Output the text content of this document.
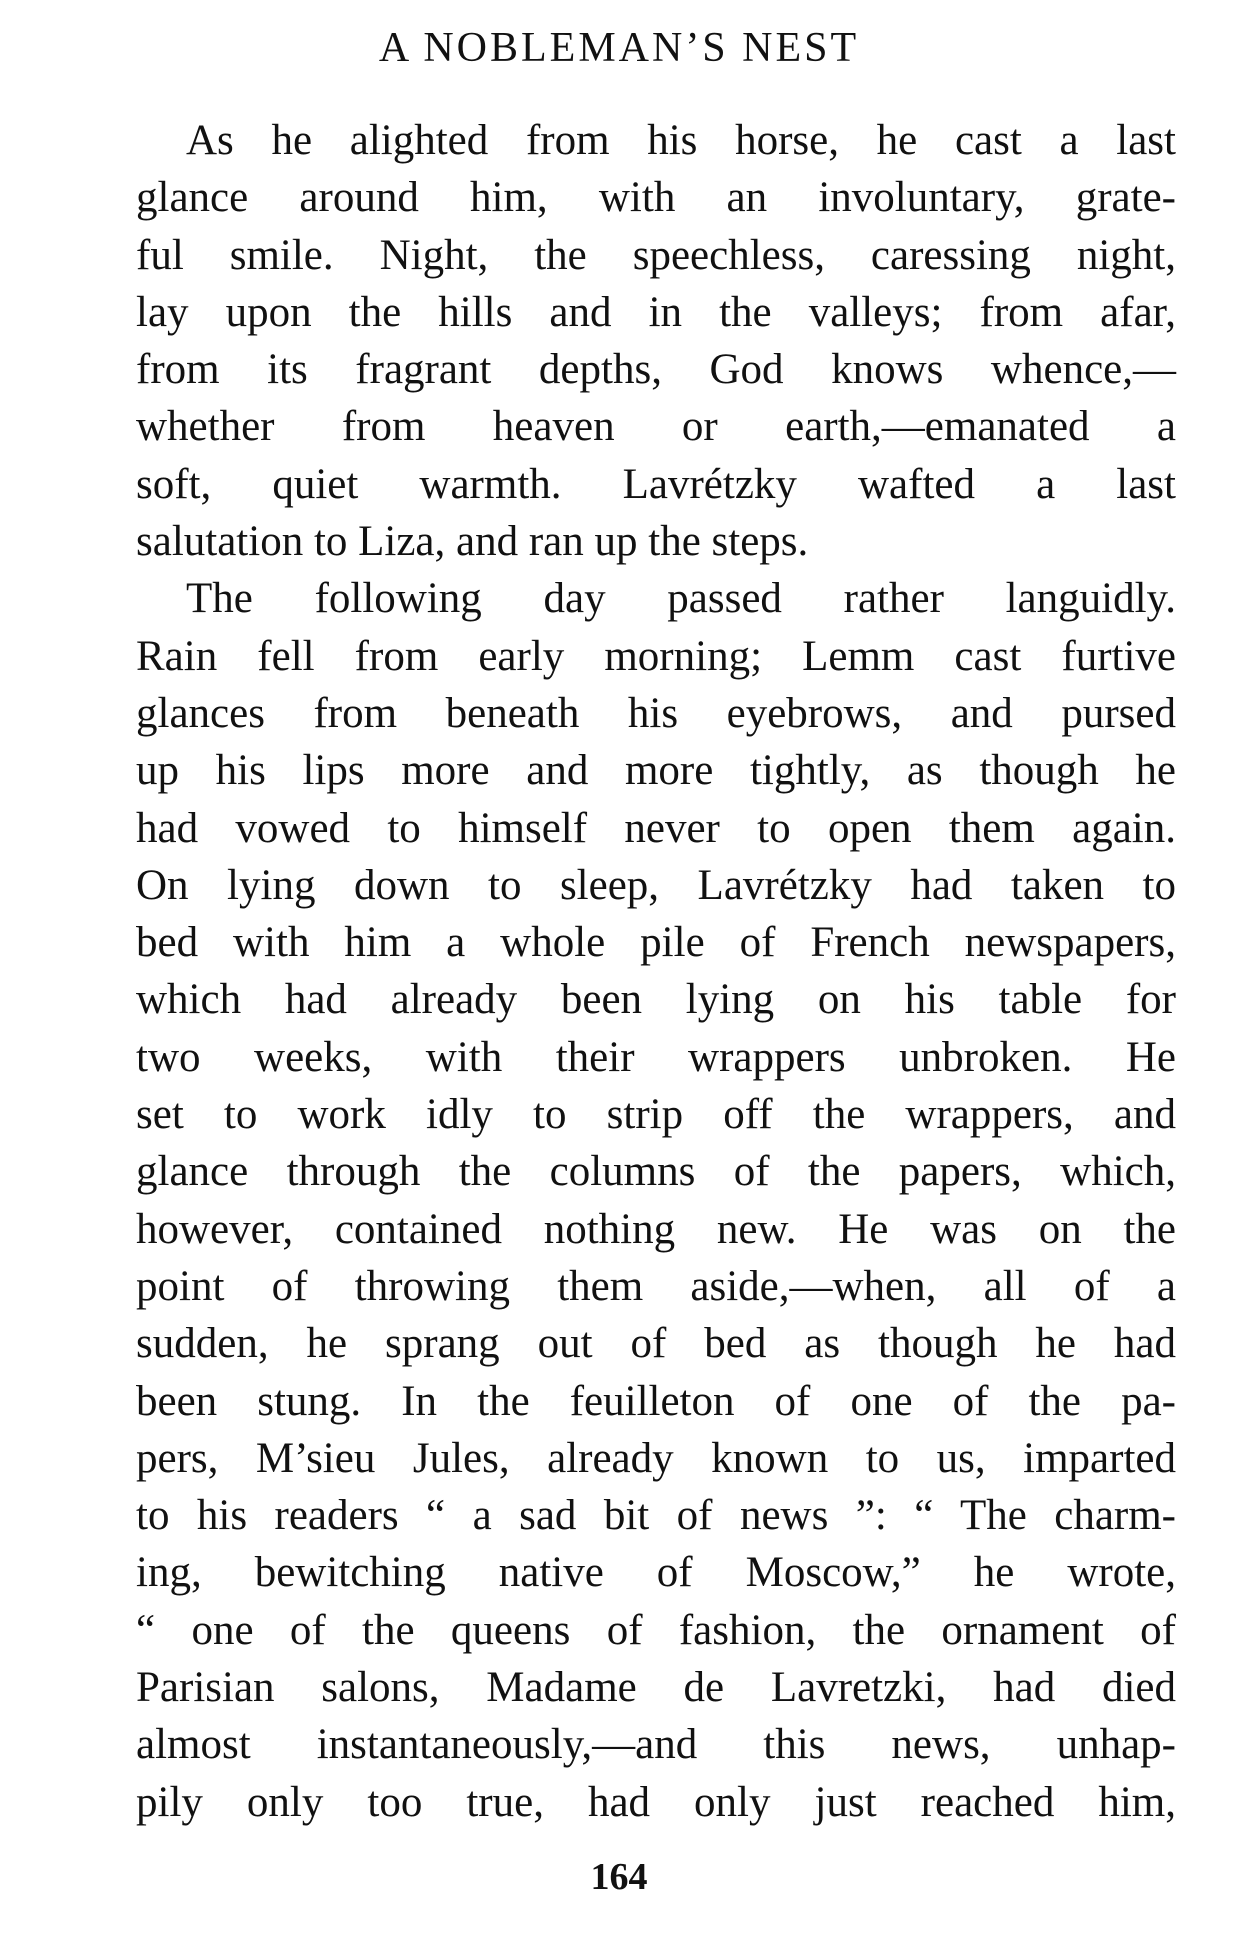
A NOBLEMAN’S NEST
As he alighted from his horse, he cast a last
glance around him, with an involuntary, grate-
ful smile. Night, the speechless, caressing night,
lay upon the hills and in the valleys; from afar,
from its fragrant depths, God knows whence,—
whether from heaven or earth,—emanated a
soft, quiet warmth. Lavrétzky wafted a last
salutation to Liza, and ran up the steps.
The following day passed rather languidly.
Rain fell from early morning; Lemm cast furtive
glances from beneath his eyebrows, and pursed
up his lips more and more tightly, as though he
had vowed to himself never to open them again.
On lying down to sleep, Lavrétzky had taken to
bed with him a whole pile of French newspapers,
which had already been lying on his table for
two weeks, with their wrappers unbroken. He
set to work idly to strip off the wrappers, and
glance through the columns of the papers, which,
however, contained nothing new. He was on the
point of throwing them aside,—when, all of a
sudden, he sprang out of bed as though he had
been stung. In the feuilleton of one of the pa-
pers, M’sieu Jules, already known to us, imparted
to his readers “ a sad bit of news ”: “ The charm-
ing, bewitching native of Moscow,” he wrote,
“ one of the queens of fashion, the ornament of
Parisian salons, Madame de Lavretzki, had died
almost instantaneously,—and this news, unhap-
pily only too true, had only just reached him,
164
